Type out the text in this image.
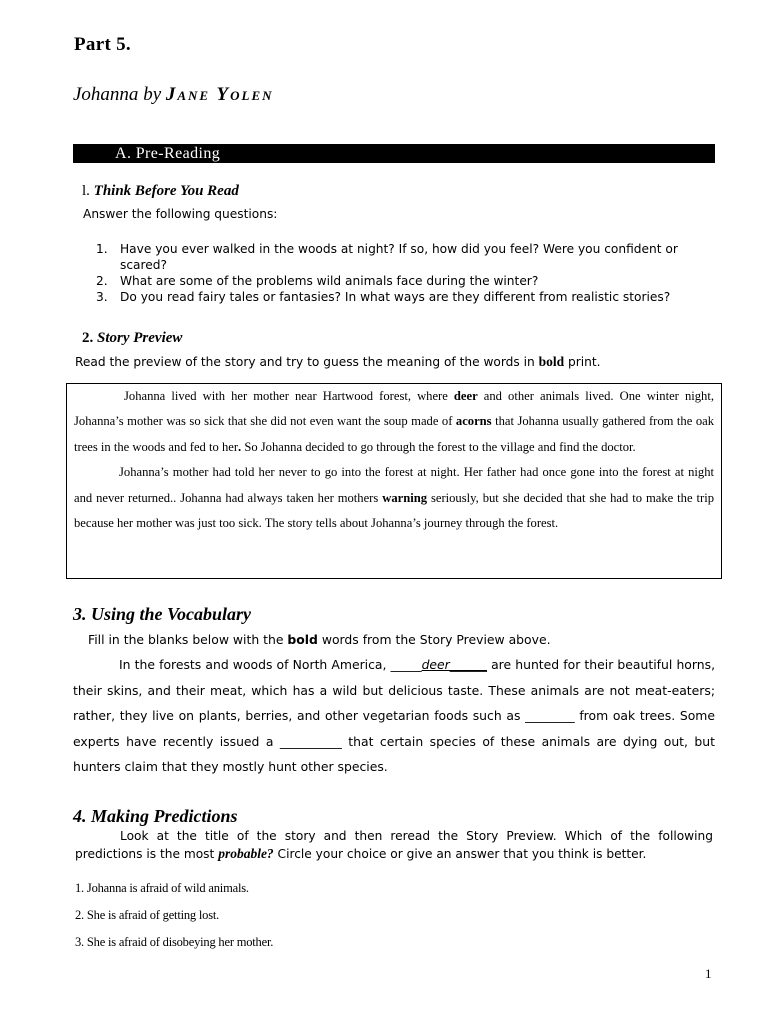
Part 5.
Johanna by Jane Yolen
A. Pre-Reading
l. Think Before You Read
Answer the following questions:
1. Have you ever walked in the woods at night? If so, how did you feel? Were you confident or
scared?
2. What are some of the problems wild animals face during the winter?
3. Do you read fairy tales or fantasies? In what ways are they different from realistic stories?
2. Story Preview
Read the preview of the story and try to guess the meaning of the words in bold print.

Johanna lived with her mother near Hartwood forest, where deer and other animals lived. One winter night, Johanna’s mother was so sick that she did not even want the soup made of acorns that Johanna usually gathered from the oak trees in the woods and fed to her. So Johanna decided to go through the forest to the village and find the doctor.

Johanna’s mother had told her never to go into the forest at night. Her father had once gone into the forest at night and never returned.. Johanna had always taken her mothers warning seriously, but she decided that she had to make the trip because her mother was just too sick. The story tells about Johanna’s journey through the forest.

3. Using the Vocabulary

Fill in the blanks below with the bold words from the Story Preview above.

In the forests and woods of North America, _____deer______ are hunted for their beautiful horns, their skins, and their meat, which has a wild but delicious taste. These animals are not meat-eaters; rather, they live on plants, berries, and other vegetarian foods such as ________ from oak trees. Some experts have recently issued a __________ that certain species of these animals are dying out, but hunters claim that they mostly hunt other species.

4. Making Predictions
Look at the title of the story and then reread the Story Preview. Which of the following predictions is the most probable? Circle your choice or give an answer that you think is better.
1. Johanna is afraid of wild animals.
2. She is afraid of getting lost.
3. She is afraid of disobeying her mother.
1
